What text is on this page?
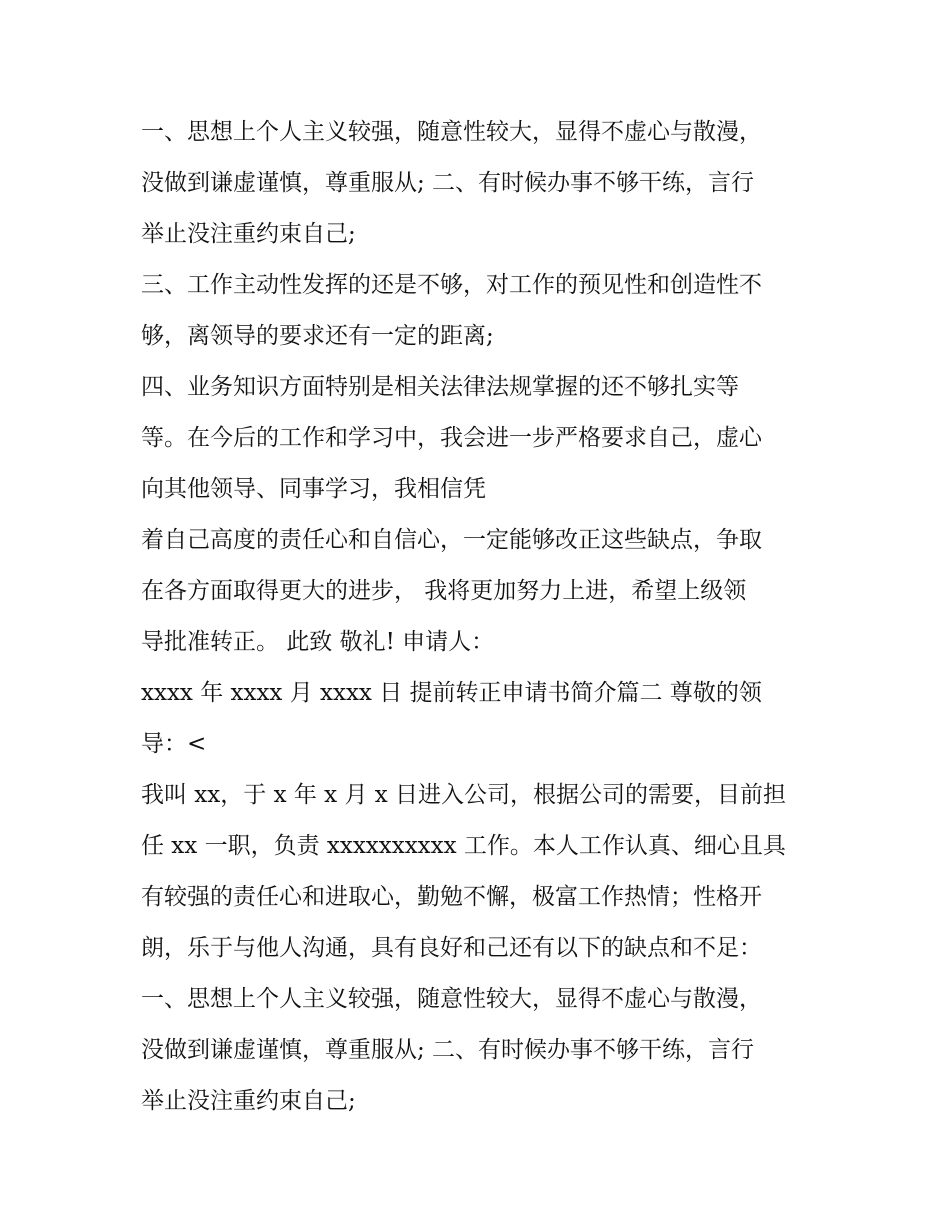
一、思想上个人主义较强，随意性较大，显得不虚心与散漫，
没做到谦虚谨慎，尊重服从; 二、有时候办事不够干练，言行
举止没注重约束自己;
三、工作主动性发挥的还是不够，对工作的预见性和创造性不
够，离领导的要求还有一定的距离;
四、业务知识方面特别是相关法律法规掌握的还不够扎实等
等。在今后的工作和学习中，我会进一步严格要求自己，虚心
向其他领导、同事学习，我相信凭
着自己高度的责任心和自信心，一定能够改正这些缺点，争取
在各方面取得更大的进步， 我将更加努力上进，希望上级领
导批准转正。 此致 敬礼! 申请人：
xxxx 年 xxxx 月 xxxx 日 提前转正申请书简介篇二 尊敬的领
导：<
我叫 xx，于 x 年 x 月 x 日进入公司，根据公司的需要，目前担
任 xx 一职，负责 xxxxxxxxxx 工作。本人工作认真、细心且具
有较强的责任心和进取心，勤勉不懈，极富工作热情；性格开
朗，乐于与他人沟通，具有良好和己还有以下的缺点和不足：
一、思想上个人主义较强，随意性较大，显得不虚心与散漫，
没做到谦虚谨慎，尊重服从; 二、有时候办事不够干练，言行
举止没注重约束自己;
